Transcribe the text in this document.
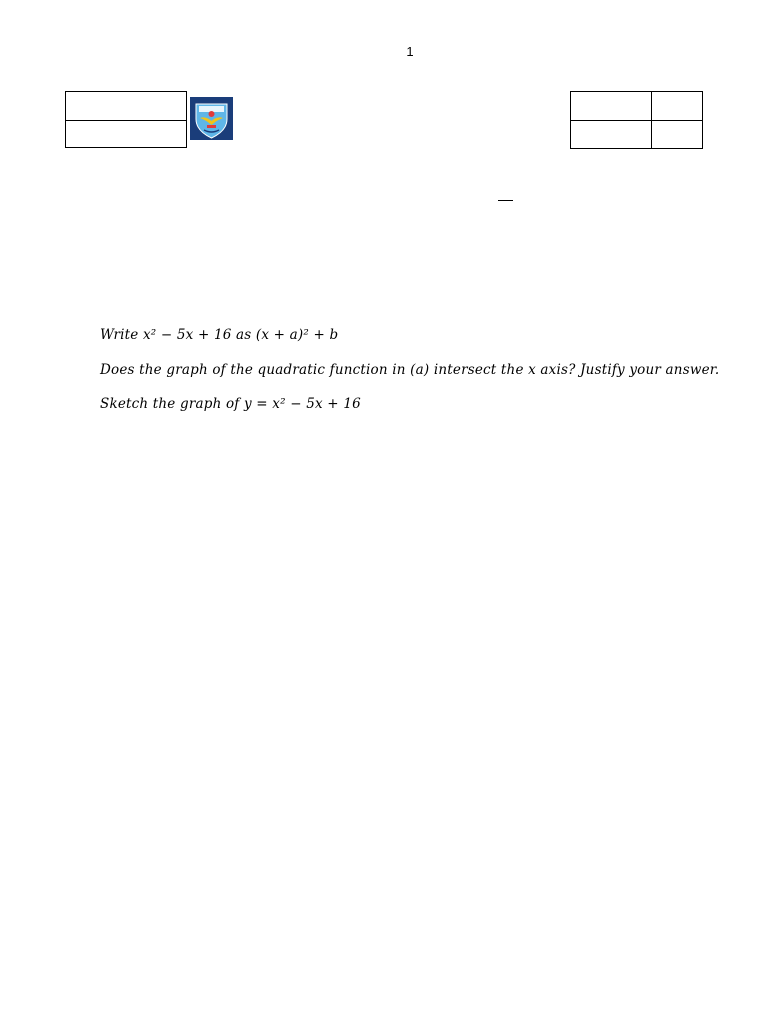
1
Write x² − 5x + 16 as (x + a)² + b
Does the graph of the quadratic function in (a) intersect the x axis? Justify your answer.
Sketch the graph of y = x² − 5x + 16
